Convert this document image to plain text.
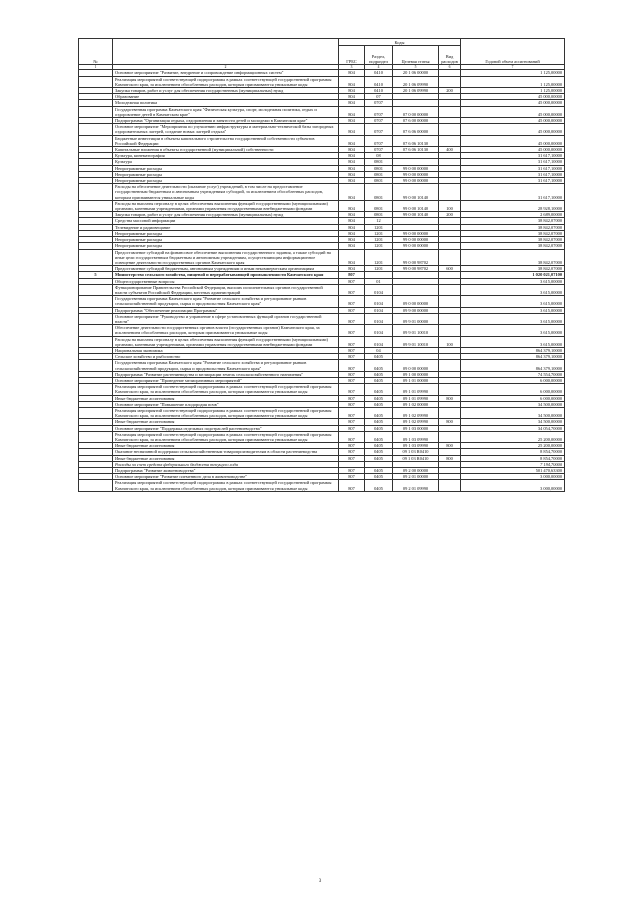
№		Коды				Годовой объем ассигнований
		ГРБС	Раздел, подраздел	Целевая статья	Вид расходов	
1	2	3	4	5	6	7
	Основное мероприятие "Развитие, внедрение и сопровождение информационных систем"	804	0410	20 1 06 00000		1 125,00000
	Реализация мероприятий соответствующей подпрограммы в рамках соответствующей государственной программы Камчатского края, за исключением обособленных расходов, которым присваиваются уникальные коды	804	0410	20 1 06 09990		1 125,00000
	Закупка товаров, работ и услуг для обеспечения государственных (муниципальных) нужд	804	0410	20 1 06 09990	200	1 125,00000
	Образование	804	07			45 000,00000
	Молодежная политика	804	0707			45 000,00000
	Государственная программа Камчатского края "Физическая культура, спорт, молодежная политика, отдых и оздоровление детей в Камчатском крае"	804	0707	07 0 00 00000		45 000,00000
	Подпрограмма "Организация отдыха, оздоровления и занятости детей и молодежи в Камчатском крае"	804	0707	07 6 00 00000		45 000,00000
	Основное мероприятие "Мероприятия по улучшению инфраструктуры и материально-технической базы загородных оздоровительных лагерей, создание новых лагерей отдыха"	804	0707	07 6 06 00000		45 000,00000
	Бюджетные инвестиции в объекты капитального строительства государственной собственности субъектов Российской Федерации	804	0707	07 6 06 10130		45 000,00000
	Капитальные вложения в объекты государственной (муниципальной) собственности	804	0707	07 6 06 10130	400	45 000,00000
	Культура, кинематография	804	08			31 617,10000
	Культура	804	0801			31 617,10000
	Непрограммные расходы	804	0801	99 0 00 00000		31 617,10000
	Непрограммные расходы	804	0801	99 0 00 00000		31 617,10000
	Непрограммные расходы	804	0801	99 0 00 00000		31 617,10000
	Расходы на обеспечение деятельности (оказание услуг) учреждений, в том числе на предоставление государственным бюджетным и автономным учреждениям субсидий, за исключением обособленных расходов, которым присваиваются уникальные коды	804	0801	99 0 00 10140		31 617,10000
	Расходы на выплаты персоналу в целях обеспечения выполнения функций государственными (муниципальными) органами, казенными учреждениями, органами управления государственными внебюджетными фондами	804	0801	99 0 00 10140	100	28 928,10000
	Закупка товаров, работ и услуг для обеспечения государственных (муниципальных) нужд	804	0801	99 0 00 10140	200	2 689,00000
	Средства массовой информации	804	12			38 842,07000
	Телевидение и радиовещание	804	1201			38 842,07000
	Непрограммные расходы	804	1201	99 0 00 00000		38 842,07000
	Непрограммные расходы	804	1201	99 0 00 00000		38 842,07000
	Непрограммные расходы	804	1201	99 0 00 00000		38 842,07000
	Предоставление субсидий на финансовое обеспечение выполнения государственного задания, а также субсидий на иные цели государственным бюджетным и автономным учреждениям, осуществляющим информационное освещение деятельности государственных органов Камчатского края	804	1201	99 0 00 98702		38 842,07000
	Предоставление субсидий бюджетным, автономным учреждениям и иным некоммерческим организациям	804	1201	99 0 00 98702	600	38 842,07000
5	Министерство сельского хозяйства, пищевой и перерабатывающей промышленности Камчатского края	807				1 020 021,07100
	Общегосударственные вопросы	807	01			3 615,00000
	Функционирование Правительства Российской Федерации, высших исполнительных органов государственной власти субъектов Российской Федерации, местных администраций	807	0104			3 615,00000
	Государственная программа Камчатского края "Развитие сельского хозяйства и регулирование рынков сельскохозяйственной продукции, сырья и продовольствия Камчатского края"	807	0104	09 0 00 00000		3 615,00000
	Подпрограмма "Обеспечение реализации Программы"	807	0104	09 9 00 00000		3 615,00000
	Основное мероприятие "Руководство и управление в сфере установленных функций органов государственной власти"	807	0104	09 9 01 00000		3 615,00000
	Обеспечение деятельности государственных органов власти (государственных органов) Камчатского края, за исключением обособленных расходов, которым присваиваются уникальные коды	807	0104	09 9 01 10010		3 615,00000
	Расходы на выплаты персоналу в целях обеспечения выполнения функций государственными (муниципальными) органами, казенными учреждениями, органами управления государственными внебюджетными фондами	807	0104	09 9 01 10010	100	3 615,00000
	Национальная экономика	807	04			864 379,10000
	Сельское хозяйство и рыболовство	807	0405			864 379,10000
	Государственная программа Камчатского края "Развитие сельского хозяйства и регулирование рынков сельскохозяйственной продукции, сырья и продовольствия Камчатского края"	807	0405	09 0 00 00000		864 379,10000
	Подпрограмма "Развитие растениеводства и мелиорации земель сельскохозяйственного назначения"	807	0405	09 1 00 00000		74 554,70000
	Основное мероприятие "Проведение мелиоративных мероприятий"	807	0405	09 1 01 00000		6 000,00000
	Реализация мероприятий соответствующей подпрограммы в рамках соответствующей государственной программы Камчатского края, за исключением обособленных расходов, которым присваиваются уникальные коды	807	0405	09 1 01 09990		6 000,00000
	Иные бюджетные ассигнования	807	0405	09 1 01 09990	800	6 000,00000
	Основное мероприятие "Повышение плодородия почв"	807	0405	09 1 02 00000		34 500,00000
	Реализация мероприятий соответствующей подпрограммы в рамках соответствующей государственной программы Камчатского края, за исключением обособленных расходов, которым присваиваются уникальные коды	807	0405	09 1 02 09990		34 500,00000
	Иные бюджетные ассигнования	807	0405	09 1 02 09990	800	34 500,00000
	Основное мероприятие "Поддержка отдельных подотраслей растениеводства"	807	0405	09 1 03 00000		34 054,70000
	Реализация мероприятий соответствующей подпрограммы в рамках соответствующей государственной программы Камчатского края, за исключением обособленных расходов, которым присваиваются уникальные коды	807	0405	09 1 03 09990		25 200,00000
	Иные бюджетные ассигнования	807	0405	09 1 03 09990	800	25 200,00000
	Оказание несвязанной поддержки сельскохозяйственным товаропроизводителям в области растениеводства	807	0405	09 1 03 R0410		8 854,70000
	Иные бюджетные ассигнования	807	0405	09 1 03 R0410	800	8 854,70000
	Расходы за счет средств федерального бюджета текущего года					7 194,70000
	Подпрограмма "Развитие животноводства"	807	0405	09 2 00 00000		501 470,63300
	Основное мероприятие "Развитие племенного дела в животноводстве"	807	0405	09 2 01 00000		3 000,00000
	Реализация мероприятий соответствующей подпрограммы в рамках соответствующей государственной программы Камчатского края, за исключением обособленных расходов, которым присваиваются уникальные коды	807	0405	09 2 01 09990		3 000,00000
3
